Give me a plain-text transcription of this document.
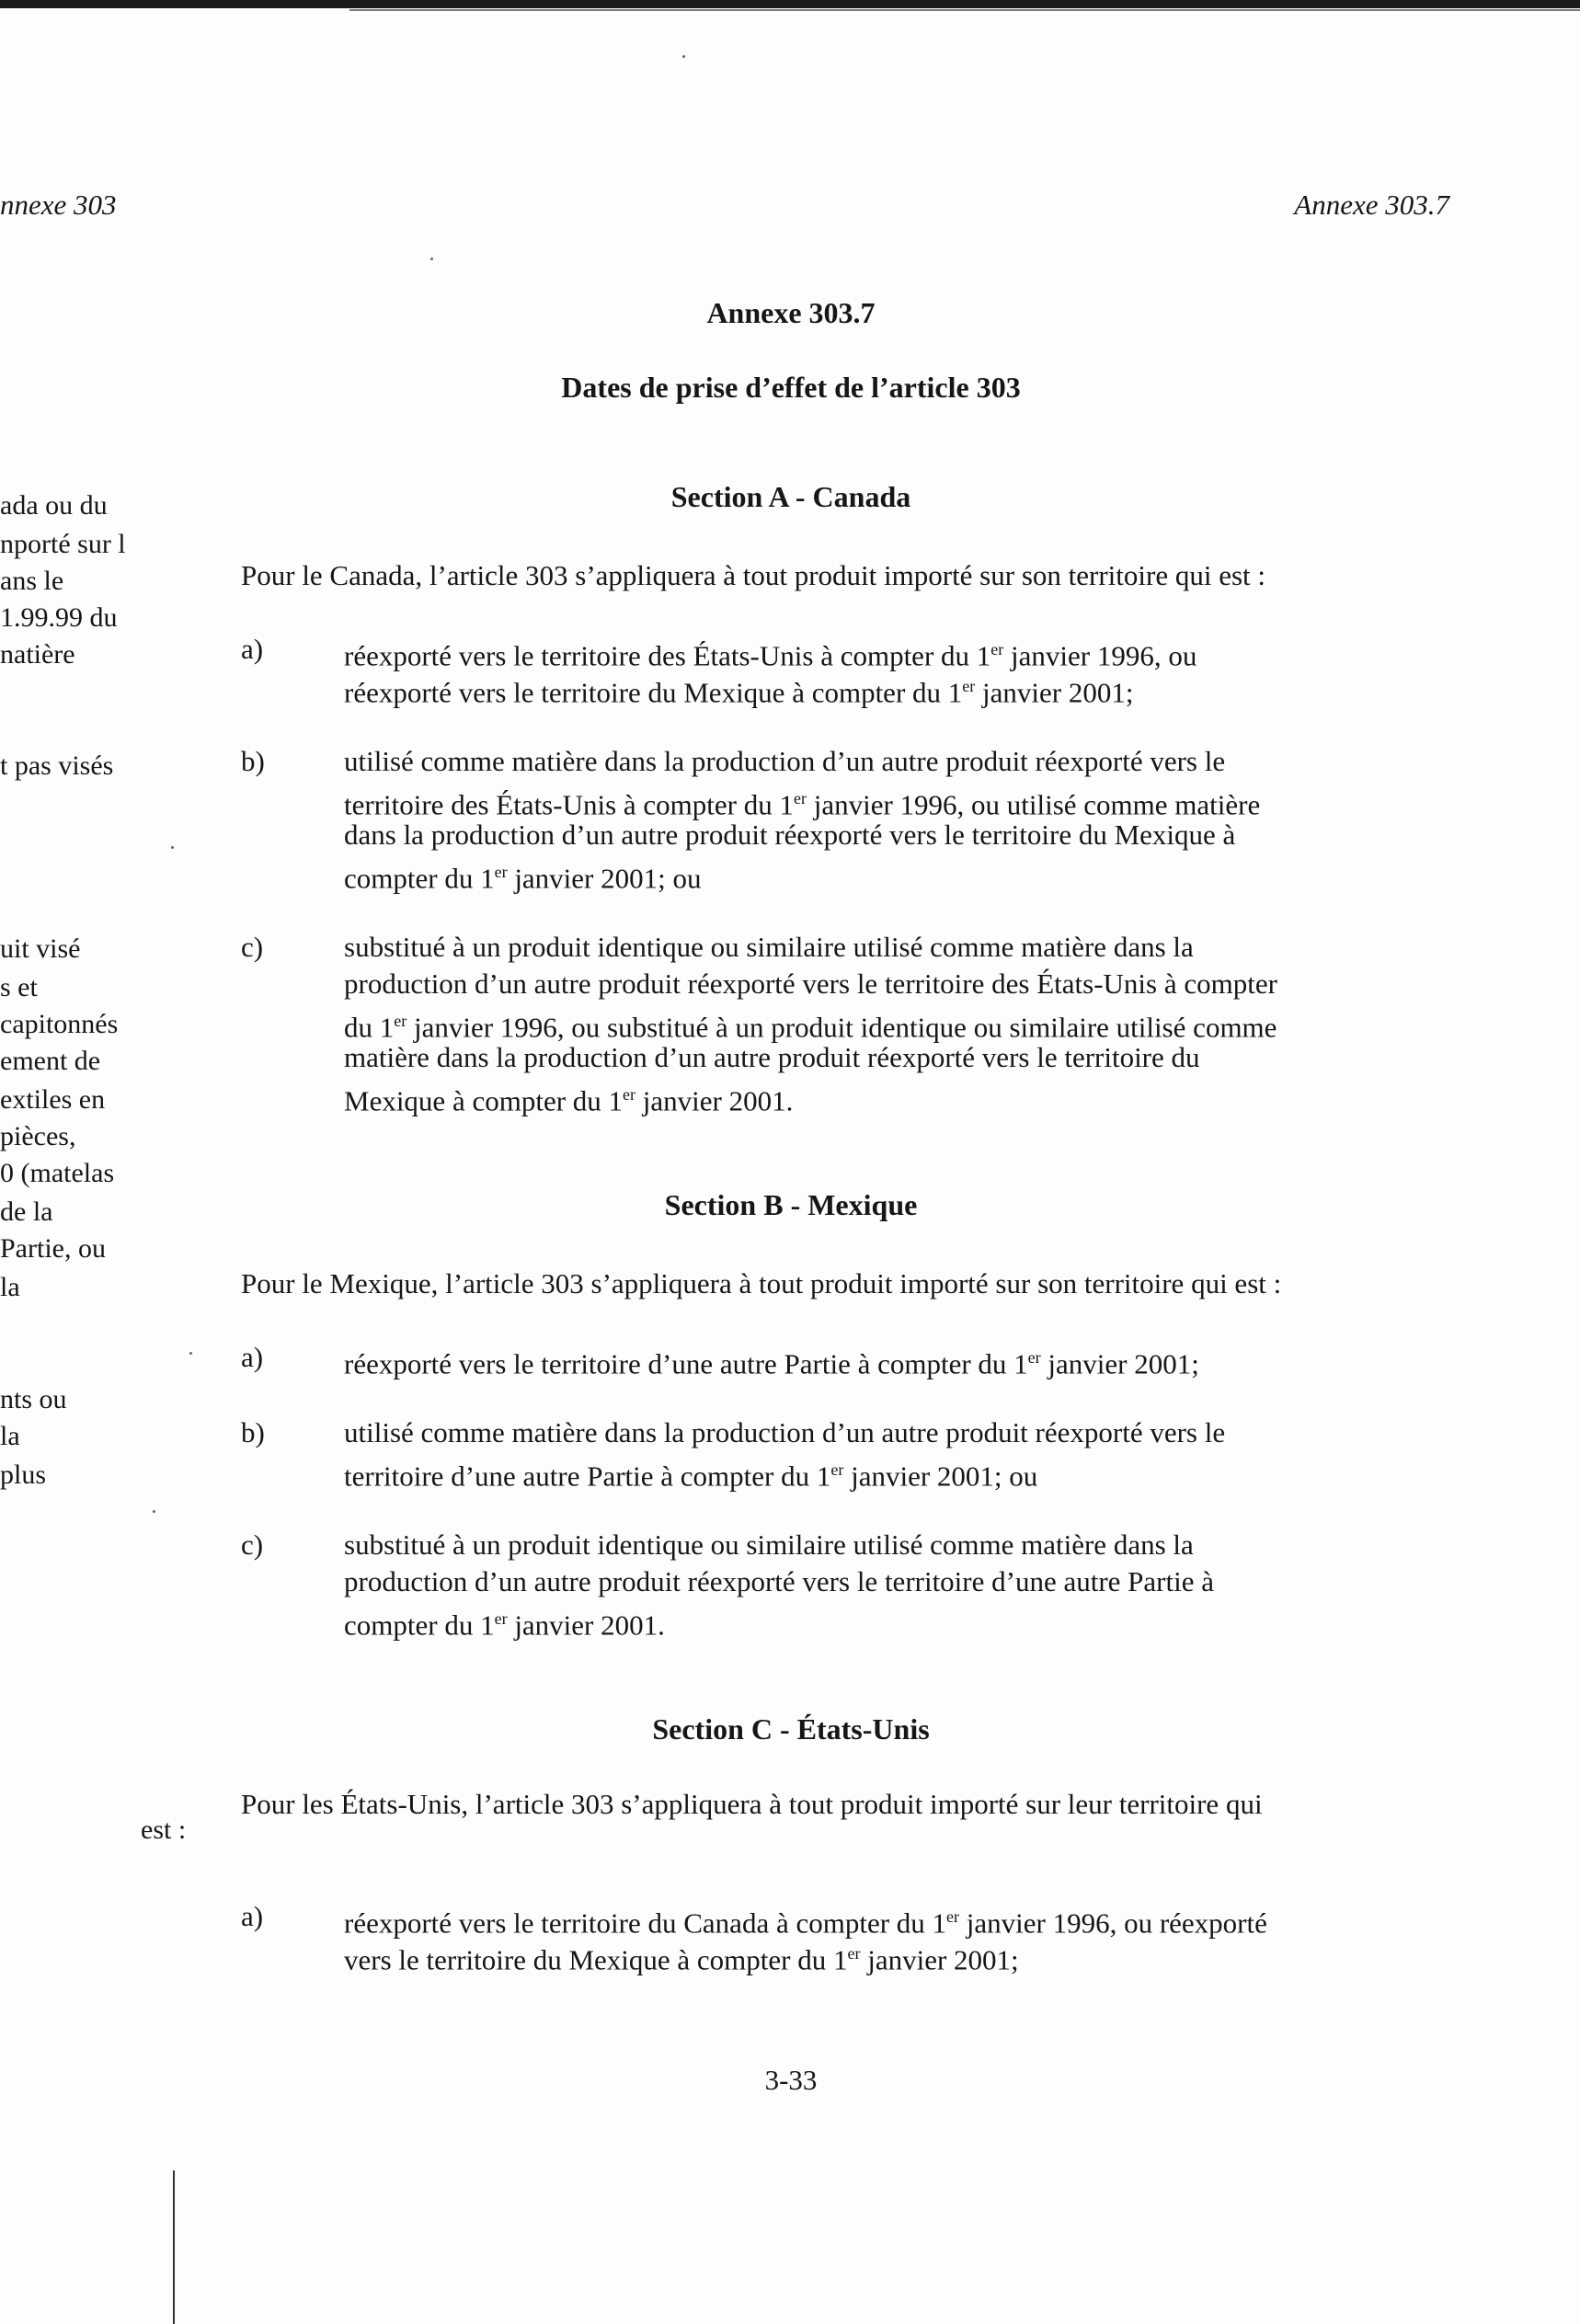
nnexe 303	Annexe 303.7
Annexe 303.7
Dates de prise d’effet de l’article 303
ada ou du
nporté sur l
ans le
1.99.99 du
natière
t pas visés
uit visé
s et
capitonnés
ement de
extiles en
pièces,
0 (matelas
de la
Partie, ou
la
nts ou
la
plus
est :
Section A - Canada
Pour le Canada, l’article 303 s’appliquera à tout produit importé sur son territoire qui est :
a)	réexporté vers le territoire des États-Unis à compter du 1er janvier 1996, ou
réexporté vers le territoire du Mexique à compter du 1er janvier 2001;
b)	utilisé comme matière dans la production d’un autre produit réexporté vers le
territoire des États-Unis à compter du 1er janvier 1996, ou utilisé comme matière
dans la production d’un autre produit réexporté vers le territoire du Mexique à
compter du 1er janvier 2001; ou
c)	substitué à un produit identique ou similaire utilisé comme matière dans la
production d’un autre produit réexporté vers le territoire des États-Unis à compter
du 1er janvier 1996, ou substitué à un produit identique ou similaire utilisé comme
matière dans la production d’un autre produit réexporté vers le territoire du
Mexique à compter du 1er janvier 2001.
Section B - Mexique
Pour le Mexique, l’article 303 s’appliquera à tout produit importé sur son territoire qui est :
a)	réexporté vers le territoire d’une autre Partie à compter du 1er janvier 2001;
b)	utilisé comme matière dans la production d’un autre produit réexporté vers le
territoire d’une autre Partie à compter du 1er janvier 2001; ou
c)	substitué à un produit identique ou similaire utilisé comme matière dans la
production d’un autre produit réexporté vers le territoire d’une autre Partie à
compter du 1er janvier 2001.
Section C - États-Unis
Pour les États-Unis, l’article 303 s’appliquera à tout produit importé sur leur territoire qui
a)	réexporté vers le territoire du Canada à compter du 1er janvier 1996, ou réexporté
vers le territoire du Mexique à compter du 1er janvier 2001;
3-33
